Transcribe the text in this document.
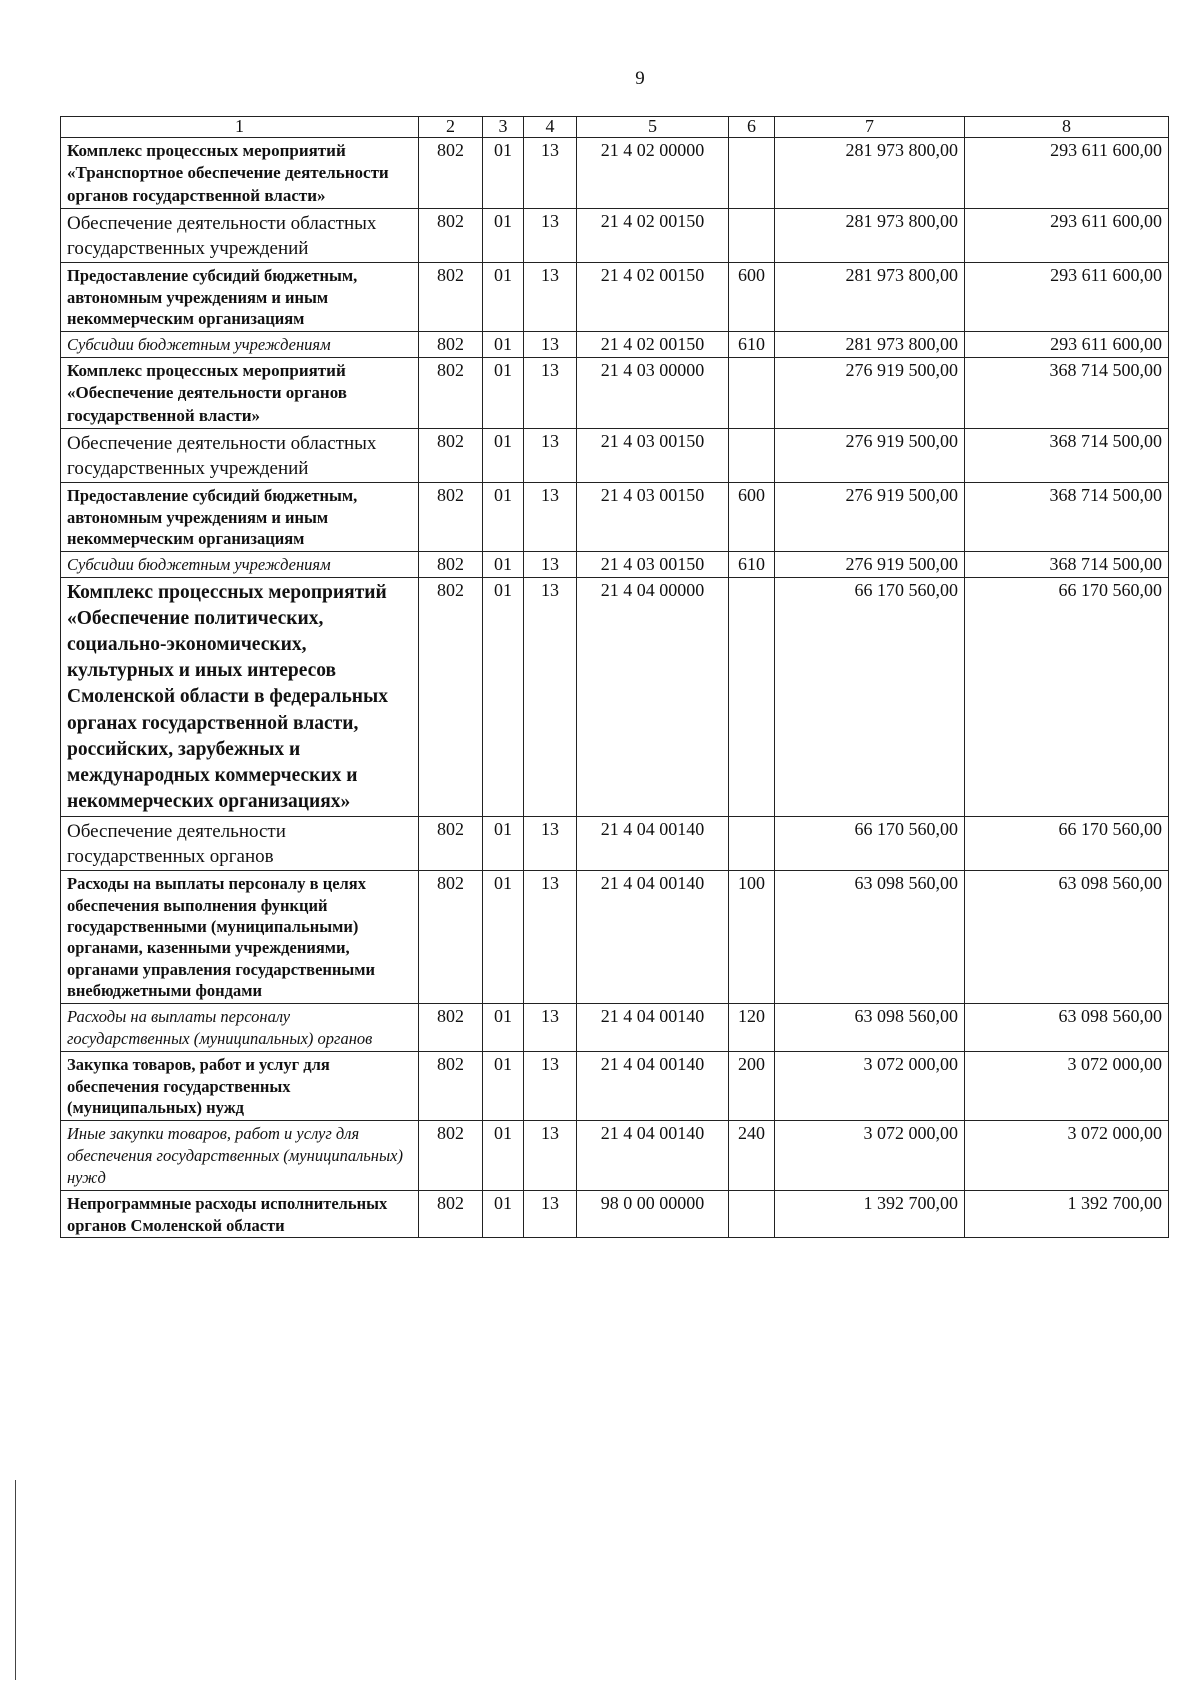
9
1	2	3	4	5	6	7	8
Комплекс процессных мероприятий «Транспортное обеспечение деятельности органов государственной власти»	802	01	13	21 4 02 00000		281 973 800,00	293 611 600,00
Обеспечение деятельности областных государственных учреждений	802	01	13	21 4 02 00150		281 973 800,00	293 611 600,00
Предоставление субсидий бюджетным, автономным учреждениям и иным некоммерческим организациям	802	01	13	21 4 02 00150	600	281 973 800,00	293 611 600,00
Субсидии бюджетным учреждениям	802	01	13	21 4 02 00150	610	281 973 800,00	293 611 600,00
Комплекс процессных мероприятий «Обеспечение деятельности органов государственной власти»	802	01	13	21 4 03 00000		276 919 500,00	368 714 500,00
Обеспечение деятельности областных государственных учреждений	802	01	13	21 4 03 00150		276 919 500,00	368 714 500,00
Предоставление субсидий бюджетным, автономным учреждениям и иным некоммерческим организациям	802	01	13	21 4 03 00150	600	276 919 500,00	368 714 500,00
Субсидии бюджетным учреждениям	802	01	13	21 4 03 00150	610	276 919 500,00	368 714 500,00
Комплекс процессных мероприятий «Обеспечение политических, социально-экономических, культурных и иных интересов Смоленской области в федеральных органах государственной власти, российских, зарубежных и международных коммерческих и некоммерческих организациях»	802	01	13	21 4 04 00000		66 170 560,00	66 170 560,00
Обеспечение деятельности государственных органов	802	01	13	21 4 04 00140		66 170 560,00	66 170 560,00
Расходы на выплаты персоналу в целях обеспечения выполнения функций государственными (муниципальными) органами, казенными учреждениями, органами управления государственными внебюджетными фондами	802	01	13	21 4 04 00140	100	63 098 560,00	63 098 560,00
Расходы на выплаты персоналу государственных (муниципальных) органов	802	01	13	21 4 04 00140	120	63 098 560,00	63 098 560,00
Закупка товаров, работ и услуг для обеспечения государственных (муниципальных) нужд	802	01	13	21 4 04 00140	200	3 072 000,00	3 072 000,00
Иные закупки товаров, работ и услуг для обеспечения государственных (муниципальных) нужд	802	01	13	21 4 04 00140	240	3 072 000,00	3 072 000,00
Непрограммные расходы исполнительных органов Смоленской области	802	01	13	98 0 00 00000		1 392 700,00	1 392 700,00
